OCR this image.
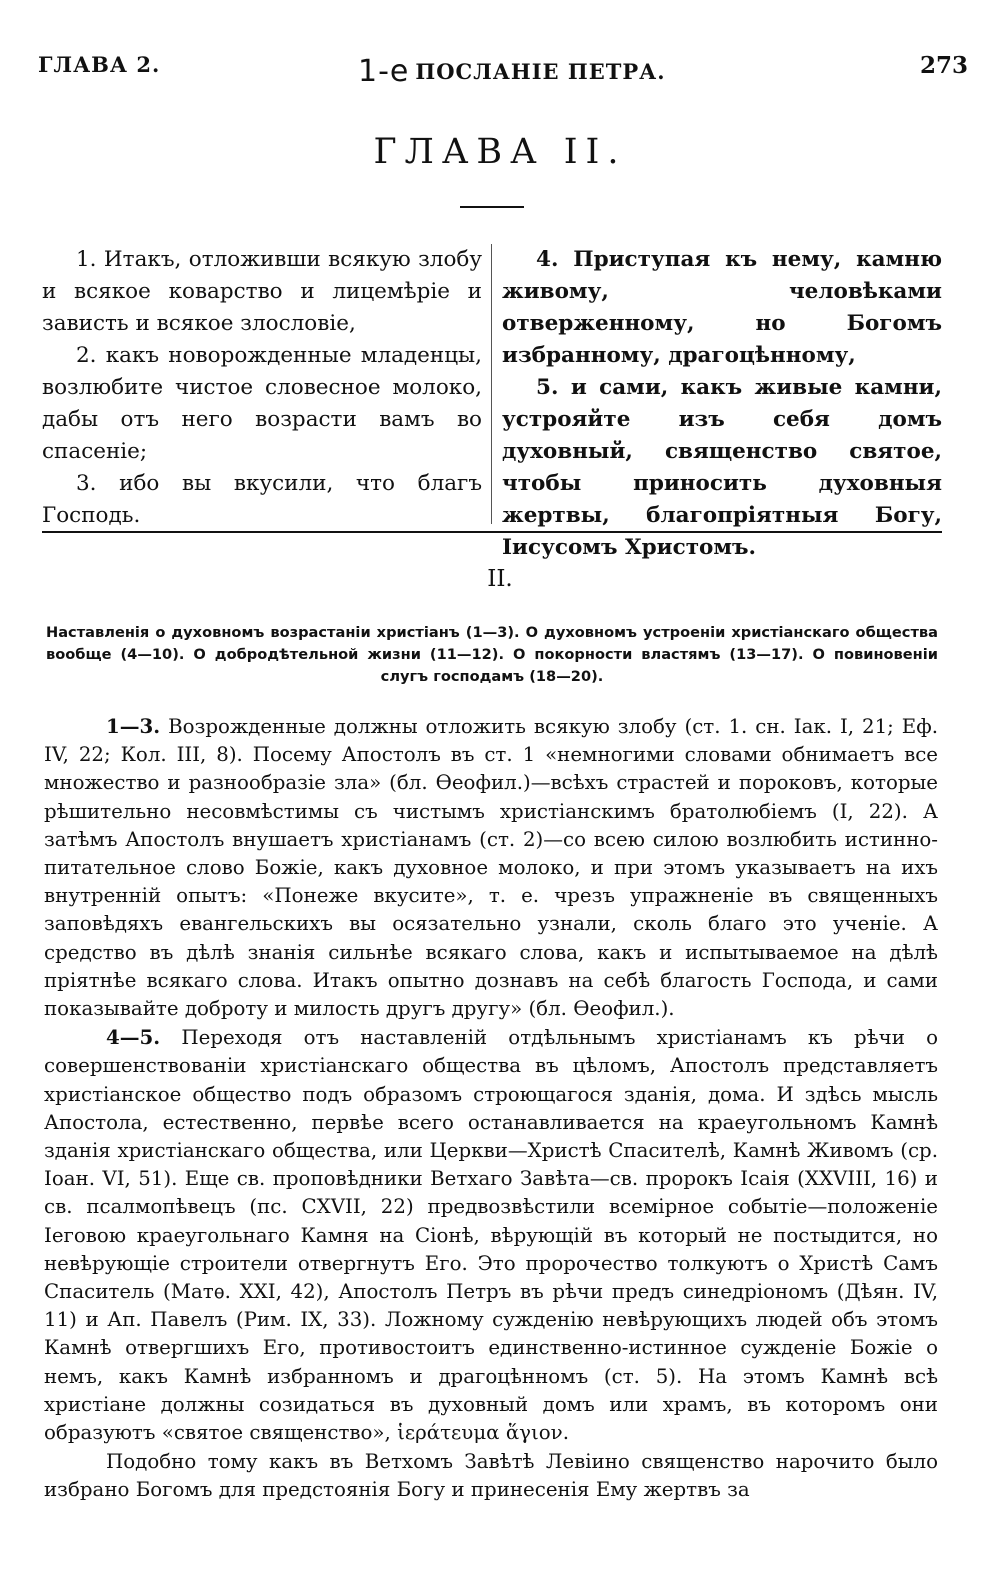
ГЛАВА 2.	1-е ПОСЛАНІЕ ПЕТРА.	273
ГЛАВА II.

1. Итакъ, отложивши всякую злобу и всякое коварство и лицемѣріе и зависть и всякое злословіе,

2. какъ новорожденные младенцы, возлюбите чистое словесное молоко, дабы отъ него возрасти вамъ во спасеніе;

3. ибо вы вкусили, что благъ Господь.

4. Приступая къ нему, камню живому, человѣками отверженному, но Богомъ избранному, драгоцѣнному,

5. и сами, какъ живые камни, устрояйте изъ себя домъ духовный, священство святое, чтобы приносить духовныя жертвы, благопріятныя Богу, Іисусомъ Христомъ.

II.

Наставленія о духовномъ возрастаніи христіанъ (1—3). О духовномъ устроеніи христіанскаго общества вообще (4—10). О добродѣтельной жизни (11—12). О покорности властямъ (13—17). О повиновеніи слугъ господамъ (18—20).

1—3. Возрожденные должны отложить всякую злобу (ст. 1. сн. Іак. I, 21; Еф. IV, 22; Кол. III, 8). Посему Апостолъ въ ст. 1 «немногими словами обнимаетъ все множество и разнообразіе зла» (бл. Ѳеофил.)—всѣхъ страстей и пороковъ, которые рѣшительно несовмѣстимы съ чистымъ христіанскимъ братолюбіемъ (I, 22). А затѣмъ Апостолъ внушаетъ христіанамъ (ст. 2)—со всею силою возлюбить истинно-питательное слово Божіе, какъ духовное молоко, и при этомъ указываетъ на ихъ внутренній опытъ: «Понеже вкусите», т. е. чрезъ упражненіе въ священныхъ заповѣдяхъ евангельскихъ вы осязательно узнали, сколь благо это ученіе. А средство въ дѣлѣ знанія сильнѣе всякаго слова, какъ и испытываемое на дѣлѣ пріятнѣе всякаго слова. Итакъ опытно дознавъ на себѣ благость Господа, и сами показывайте доброту и милость другъ другу» (бл. Ѳеофил.).

4—5. Переходя отъ наставленій отдѣльнымъ христіанамъ къ рѣчи о совершенствованіи христіанскаго общества въ цѣломъ, Апостолъ представляетъ христіанское общество подъ образомъ строющагося зданія, дома. И здѣсь мысль Апостола, естественно, первѣе всего останавливается на краеугольномъ Камнѣ зданія христіанскаго общества, или Церкви—Христѣ Спасителѣ, Камнѣ Живомъ (ср. Іоан. VI, 51). Еще св. проповѣдники Ветхаго Завѣта—св. пророкъ Ісаія (XXVIII, 16) и св. псалмопѣвецъ (пс. CXVII, 22) предвозвѣстили всемірное событіе—положеніе Іеговою краеугольнаго Камня на Сіонѣ, вѣрующій въ который не постыдится, но невѣрующіе строители отвергнутъ Его. Это пророчество толкуютъ о Христѣ Самъ Спаситель (Матѳ. XXI, 42), Апостолъ Петръ въ рѣчи предъ синедріономъ (Дѣян. IV, 11) и Ап. Павелъ (Рим. IX, 33). Ложному сужденію невѣрующихъ людей объ этомъ Камнѣ отвергшихъ Его, противостоитъ единственно-истинное сужденіе Божіе о немъ, какъ Камнѣ избранномъ и драгоцѣнномъ (ст. 5). На этомъ Камнѣ всѣ христіане должны созидаться въ духовный домъ или храмъ, въ которомъ они образуютъ «святое священство», ἱεράτευμα ἅγιον.

Подобно тому какъ въ Ветхомъ Завѣтѣ Левіино священство нарочито было избрано Богомъ для предстоянія Богу и принесенія Ему жертвъ за
